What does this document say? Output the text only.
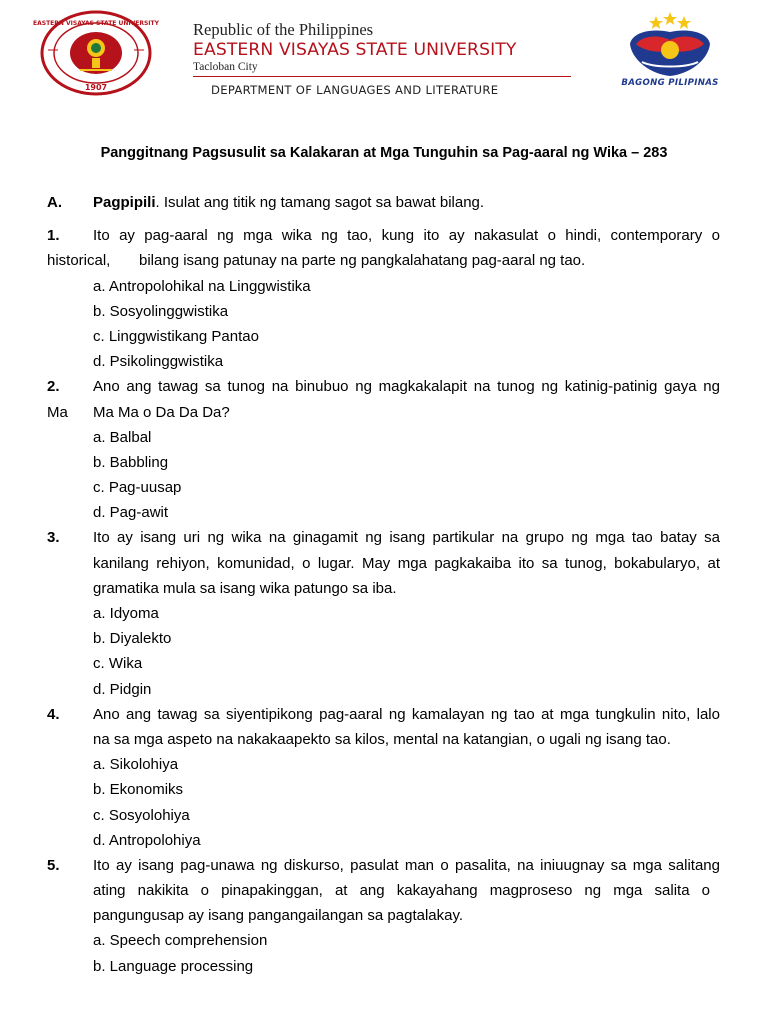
1907
EASTERN VISAYAS STATE UNIVERSITY Republic of the Philippines
EASTERN VISAYAS STATE UNIVERSITY
Tacloban City
DEPARTMENT OF LANGUAGES AND LITERATURE	BAGONG PILIPINAS
Panggitnang Pagsusulit sa Kalakaran at Mga Tunguhin sa Pag-aaral ng Wika – 283
A. Pagpipili. Isulat ang titik ng tamang sagot sa bawat bilang.
1. Ito ay pag-aaral ng mga wika ng tao, kung ito ay nakasulat o hindi, contemporary o
historical, bilang isang patunay na parte ng pangkalahatang pag-aaral ng tao.
a. Antropolohikal na Linggwistika
b. Sosyolinggwistika
c. Linggwistikang Pantao
d. Psikolinggwistika
2. Ano ang tawag sa tunog na binubuo ng magkakalapit na tunog ng katinig-patinig gaya ng
Ma Ma Ma o Da Da Da?
a. Balbal
b. Babbling
c. Pag-uusap
d. Pag-awit
3. Ito ay isang uri ng wika na ginagamit ng isang partikular na grupo ng mga tao batay sa
kanilang rehiyon, komunidad, o lugar. May mga pagkakaiba ito sa tunog, bokabularyo, at
gramatika mula sa isang wika patungo sa iba.
a. Idyoma
b. Diyalekto
c. Wika
d. Pidgin
4. Ano ang tawag sa siyentipikong pag-aaral ng kamalayan ng tao at mga tungkulin nito, lalo
na sa mga aspeto na nakakaapekto sa kilos, mental na katangian, o ugali ng isang tao.
a. Sikolohiya
b. Ekonomiks
c. Sosyolohiya
d. Antropolohiya
5. Ito ay isang pag-unawa ng diskurso, pasulat man o pasalita, na iniuugnay sa mga salitang
ating nakikita o pinapakinggan, at ang kakayahang magproseso ng mga salita o
pangungusap ay isang pangangailangan sa pagtalakay.
a. Speech comprehension
b. Language processing
